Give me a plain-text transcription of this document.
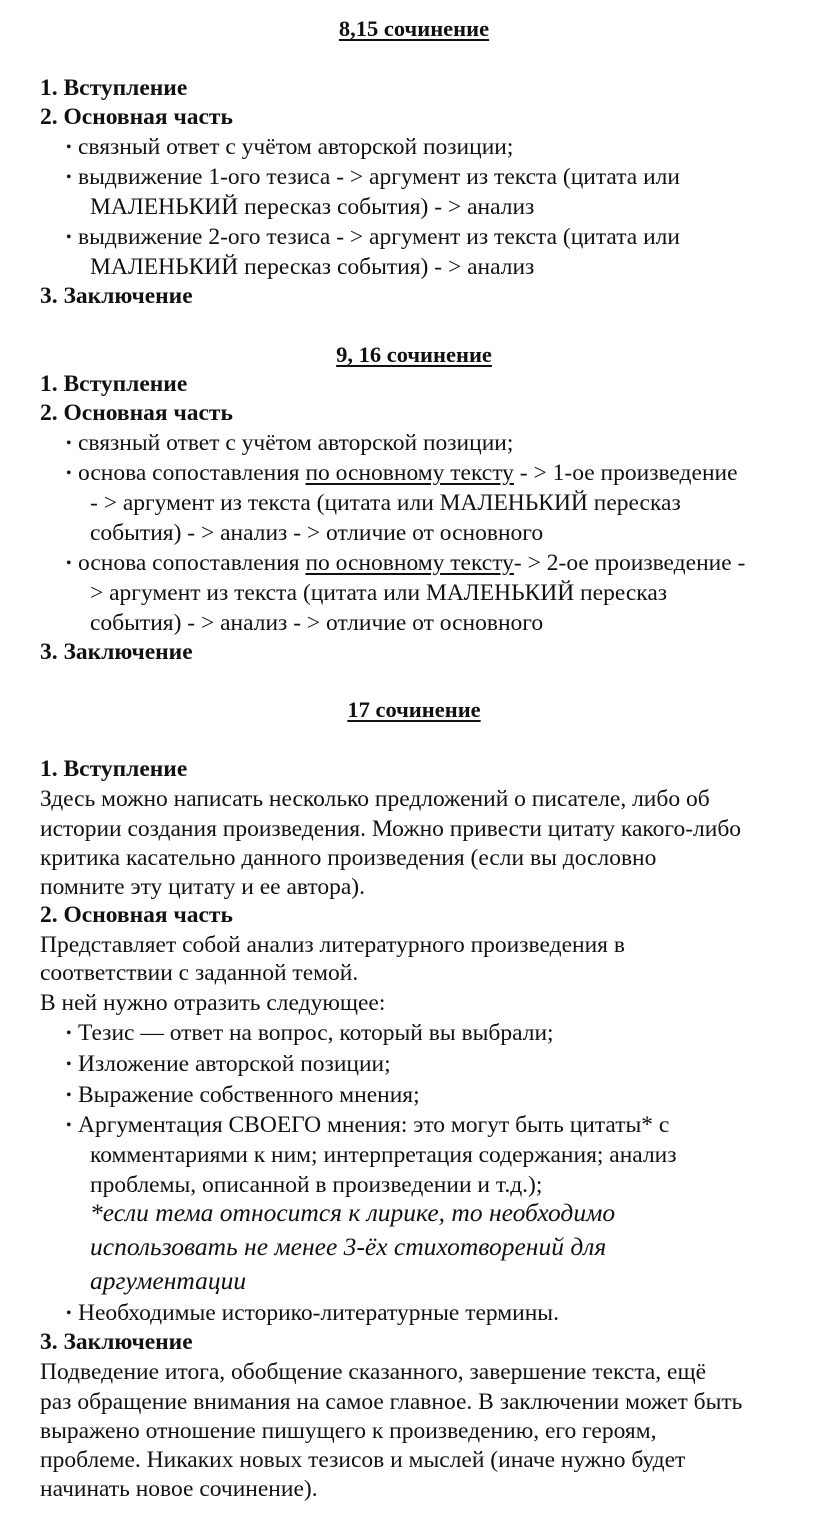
8,15 сочинение
1. Вступление
2. Основная часть
• связный ответ с учётом авторской позиции;
• выдвижение 1-ого тезиса - > аргумент из текста (цитата или
МАЛЕНЬКИЙ пересказ события) - > анализ
• выдвижение 2-ого тезиса - > аргумент из текста (цитата или
МАЛЕНЬКИЙ пересказ события) - > анализ
3. Заключение
9, 16 сочинение
1. Вступление
2. Основная часть
• связный ответ с учётом авторской позиции;
• основа сопоставления по основному тексту - > 1-ое произведение
- > аргумент из текста (цитата или МАЛЕНЬКИЙ пересказ
события) - > анализ - > отличие от основного
• основа сопоставления по основному тексту- > 2-ое произведение -
> аргумент из текста (цитата или МАЛЕНЬКИЙ пересказ
события) - > анализ - > отличие от основного
3. Заключение
17 сочинение
1. Вступление
Здесь можно написать несколько предложений о писателе, либо об
истории создания произведения. Можно привести цитату какого-либо
критика касательно данного произведения (если вы дословно
помните эту цитату и ее автора).
2. Основная часть
Представляет собой анализ литературного произведения в
соответствии с заданной темой.
В ней нужно отразить следующее:
• Тезис — ответ на вопрос, который вы выбрали;
• Изложение авторской позиции;
• Выражение собственного мнения;
• Аргументация СВОЕГО мнения: это могут быть цитаты* с
комментариями к ним; интерпретация содержания; анализ
проблемы, описанной в произведении и т.д.);
*если тема относится к лирике, то необходимо
использовать не менее 3-ёх стихотворений для
аргументации
• Необходимые историко-литературные термины.
3. Заключение
Подведение итога, обобщение сказанного, завершение текста, ещё
раз обращение внимания на самое главное. В заключении может быть
выражено отношение пишущего к произведению, его героям,
проблеме. Никаких новых тезисов и мыслей (иначе нужно будет
начинать новое сочинение).
